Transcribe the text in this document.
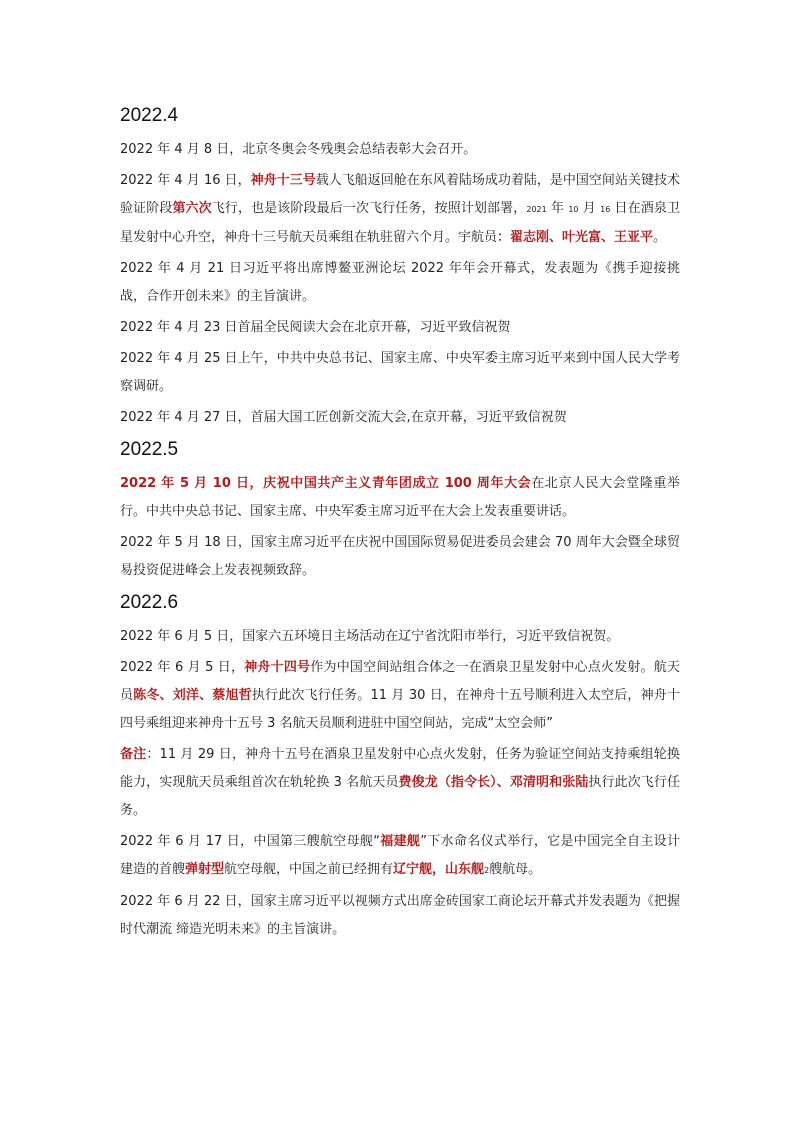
2022.4

2022 年 4 月 8 日，北京冬奥会冬残奥会总结表彰大会召开。

2022 年 4 月 16 日，神舟十三号载人飞船返回舱在东风着陆场成功着陆，是中国空间站关键技术验证阶段第六次飞行，也是该阶段最后一次飞行任务，按照计划部署，2021 年 10 月 16 日在酒泉卫星发射中心升空，神舟十三号航天员乘组在轨驻留六个月。宇航员：翟志刚、叶光富、王亚平。

2022 年 4 月 21 日习近平将出席博鳌亚洲论坛 2022 年年会开幕式，发表题为《携手迎接挑战，合作开创未来》的主旨演讲。

2022 年 4 月 23 日首届全民阅读大会在北京开幕，习近平致信祝贺

2022 年 4 月 25 日上午，中共中央总书记、国家主席、中央军委主席习近平来到中国人民大学考察调研。

2022 年 4 月 27 日，首届大国工匠创新交流大会,在京开幕，习近平致信祝贺

2022.5

2022 年 5 月 10 日，庆祝中国共产主义青年团成立 100 周年大会在北京人民大会堂隆重举行。中共中央总书记、国家主席、中央军委主席习近平在大会上发表重要讲话。

2022 年 5 月 18 日，国家主席习近平在庆祝中国国际贸易促进委员会建会 70 周年大会暨全球贸易投资促进峰会上发表视频致辞。

2022.6

2022 年 6 月 5 日，国家六五环境日主场活动在辽宁省沈阳市举行，习近平致信祝贺。

2022 年 6 月 5 日，神舟十四号作为中国空间站组合体之一在酒泉卫星发射中心点火发射。航天员陈冬、刘洋、蔡旭哲执行此次飞行任务。11 月 30 日，在神舟十五号顺利进入太空后，神舟十四号乘组迎来神舟十五号 3 名航天员顺利进驻中国空间站，完成“太空会师”

备注：11 月 29 日，神舟十五号在酒泉卫星发射中心点火发射，任务为验证空间站支持乘组轮换能力，实现航天员乘组首次在轨轮换 3 名航天员费俊龙（指令长）、邓清明和张陆执行此次飞行任务。

2022 年 6 月 17 日，中国第三艘航空母舰“福建舰”下水命名仪式举行，它是中国完全自主设计建造的首艘弹射型航空母舰，中国之前已经拥有辽宁舰，山东舰2艘航母。

2022 年 6 月 22 日，国家主席习近平以视频方式出席金砖国家工商论坛开幕式并发表题为《把握时代潮流 缔造光明未来》的主旨演讲。
